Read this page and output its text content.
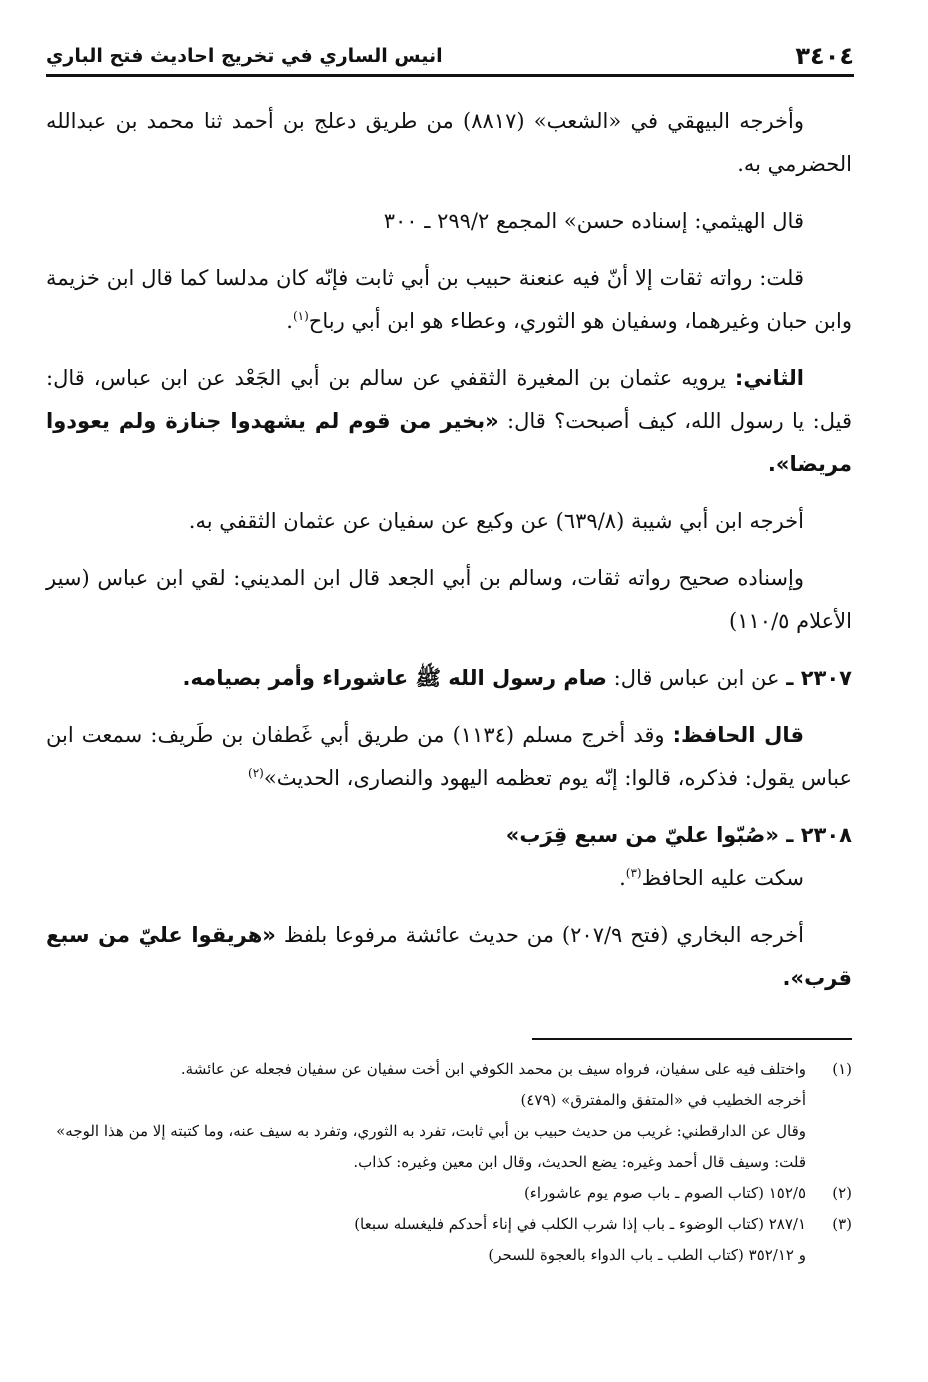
٣٤٠٤
انيس الساري في تخريج احاديث فتح الباري

وأخرجه البيهقي في «الشعب» (٨٨١٧) من طريق دعلج بن أحمد ثنا محمد بن عبدالله الحضرمي به.

قال الهيثمي: إسناده حسن» المجمع ٢٩٩/٢ ـ ٣٠٠

قلت: رواته ثقات إلا أنّ فيه عنعنة حبيب بن أبي ثابت فإنّه كان مدلسا كما قال ابن خزيمة وابن حبان وغيرهما، وسفيان هو الثوري، وعطاء هو ابن أبي رباح$^{(١)}$.

الثاني: يرويه عثمان بن المغيرة الثقفي عن سالم بن أبي الجَعْد عن ابن عباس، قال: قيل: يا رسول الله، كيف أصبحت؟ قال: «بخير من قوم لم يشهدوا جنازة ولم يعودوا مريضا».

أخرجه ابن أبي شيبة (٦٣٩/٨) عن وكيع عن سفيان عن عثمان الثقفي به.

وإسناده صحيح رواته ثقات، وسالم بن أبي الجعد قال ابن المديني: لقي ابن عباس (سير الأعلام ١١٠/٥)

٢٣٠٧ ـ عن ابن عباس قال: صام رسول الله ﷺ عاشوراء وأمر بصيامه.

قال الحافظ: وقد أخرج مسلم (١١٣٤) من طريق أبي غَطفان بن طَريف: سمعت ابن عباس يقول: فذكره، قالوا: إنّه يوم تعظمه اليهود والنصارى، الحديث»$^{(٢)}$

٢٣٠٨ ـ «صُبّوا عليّ من سبع قِرَب»

سكت عليه الحافظ$^{(٣)}$.

أخرجه البخاري (فتح ٢٠٧/٩) من حديث عائشة مرفوعا بلفظ «هريقوا عليّ من سبع قرب».

(١)
واختلف فيه على سفيان، فرواه سيف بن محمد الكوفي ابن أخت سفيان عن سفيان فجعله عن عائشة.
أخرجه الخطيب في «المتفق والمفترق» (٤٧٩)
وقال عن الدارقطني: غريب من حديث حبيب بن أبي ثابت، تفرد به الثوري، وتفرد به سيف عنه، وما كتبته إلا من هذا الوجه»
قلت: وسيف قال أحمد وغيره: يضع الحديث، وقال ابن معين وغيره: كذاب.
(٢)
١٥٢/٥ (كتاب الصوم ـ باب صوم يوم عاشوراء)
(٣)
٢٨٧/١ (كتاب الوضوء ـ باب إذا شرب الكلب في إناء أحدكم فليغسله سبعا)
و ٣٥٢/١٢ (كتاب الطب ـ باب الدواء بالعجوة للسحر)
